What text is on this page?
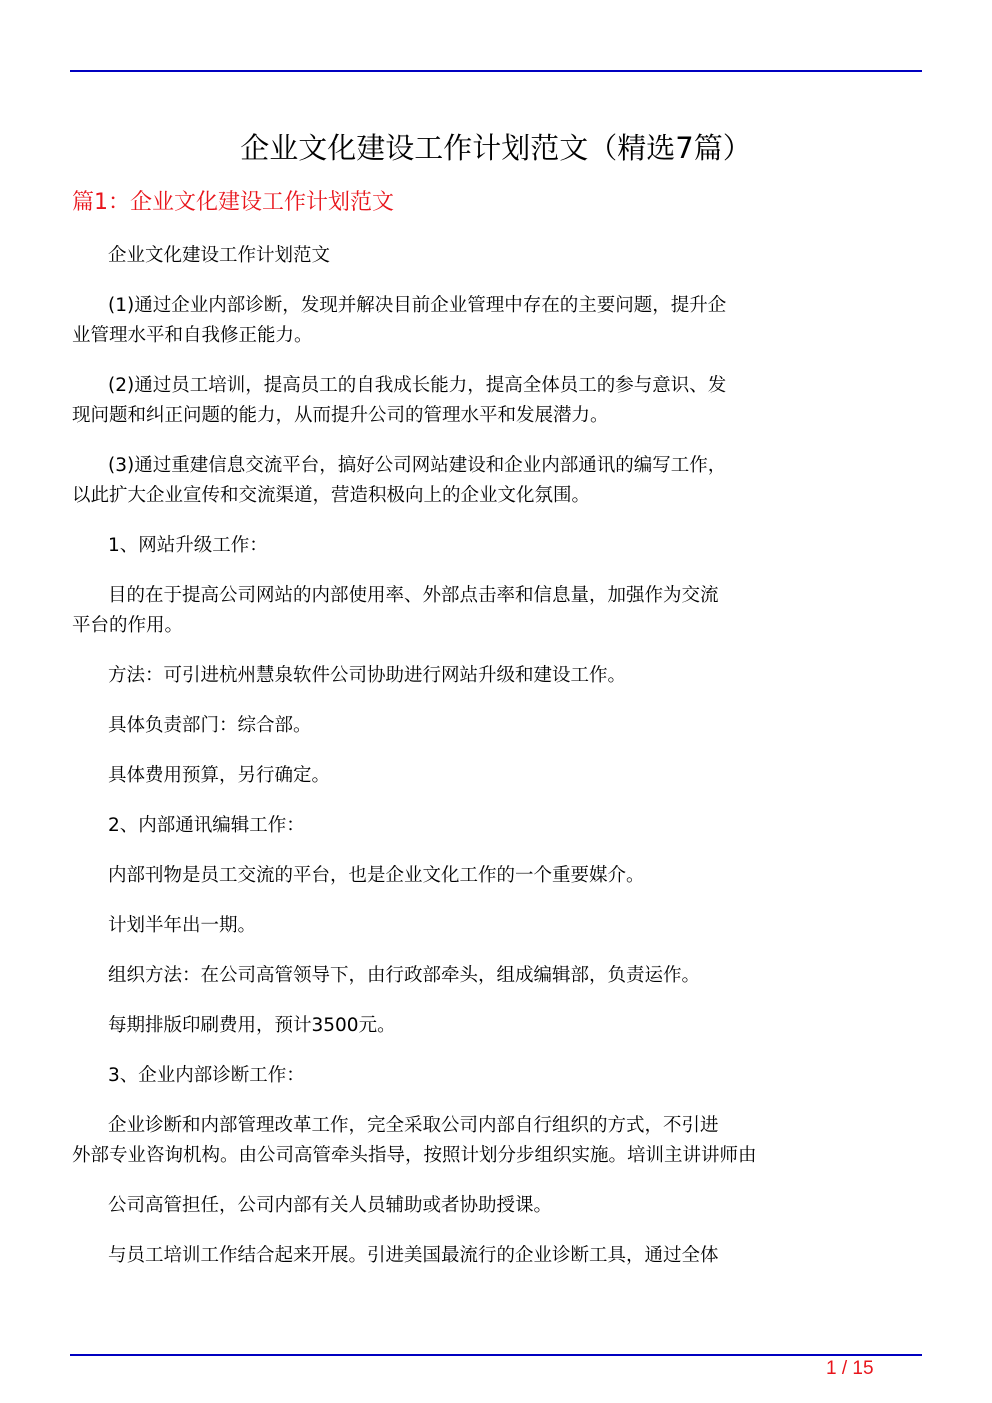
企业文化建设工作计划范文（精选7篇）
篇1：企业文化建设工作计划范文
企业文化建设工作计划范文
(1)通过企业内部诊断，发现并解决目前企业管理中存在的主要问题，提升企
业管理水平和自我修正能力。
(2)通过员工培训，提高员工的自我成长能力，提高全体员工的参与意识、发
现问题和纠正问题的能力，从而提升公司的管理水平和发展潜力。
(3)通过重建信息交流平台，搞好公司网站建设和企业内部通讯的编写工作，
以此扩大企业宣传和交流渠道，营造积极向上的企业文化氛围。
1、网站升级工作：
目的在于提高公司网站的内部使用率、外部点击率和信息量，加强作为交流
平台的作用。
方法：可引进杭州慧泉软件公司协助进行网站升级和建设工作。
具体负责部门：综合部。
具体费用预算，另行确定。
2、内部通讯编辑工作：
内部刊物是员工交流的平台，也是企业文化工作的一个重要媒介。
计划半年出一期。
组织方法：在公司高管领导下，由行政部牵头，组成编辑部，负责运作。
每期排版印刷费用，预计3500元。
3、企业内部诊断工作：
企业诊断和内部管理改革工作，完全采取公司内部自行组织的方式，不引进
外部专业咨询机构。由公司高管牵头指导，按照计划分步组织实施。培训主讲讲师由
公司高管担任，公司内部有关人员辅助或者协助授课。
与员工培训工作结合起来开展。引进美国最流行的企业诊断工具，通过全体
1 / 15
